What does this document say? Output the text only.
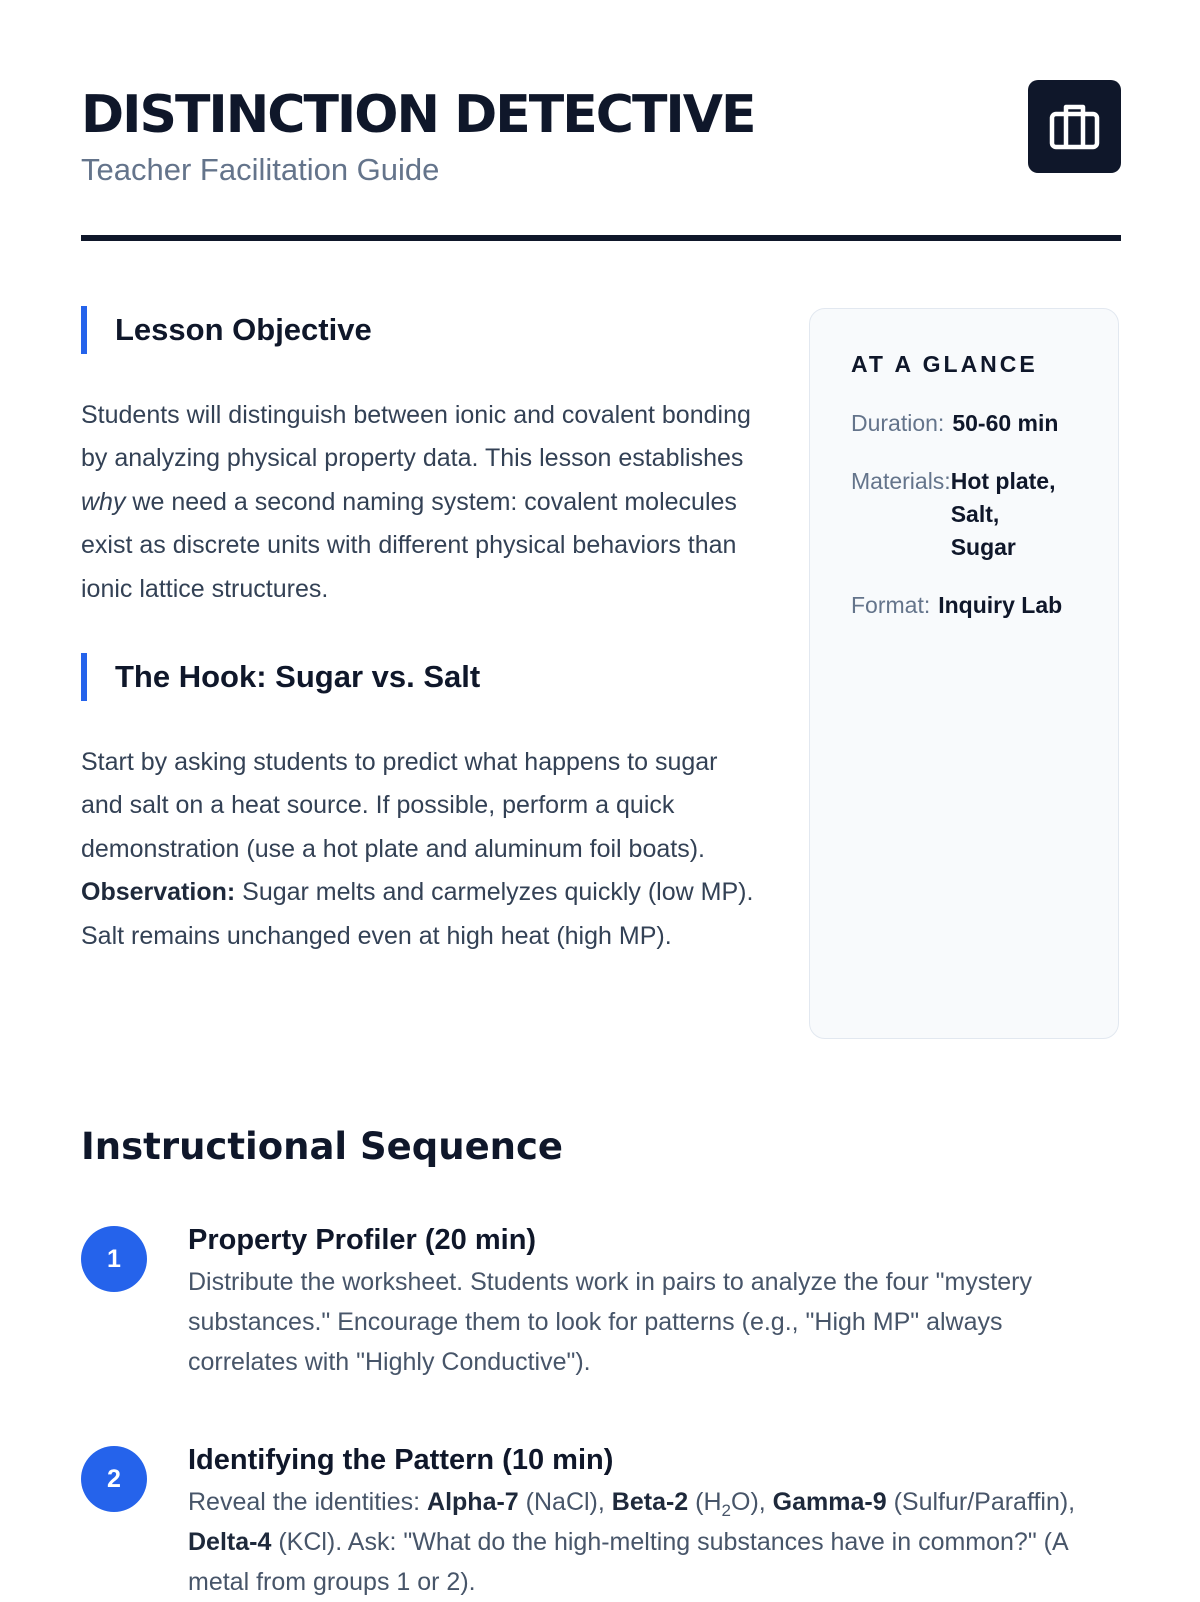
DISTINCTION DETECTIVE

Teacher Facilitation Guide

Lesson Objective

Students will distinguish between ionic and covalent bonding by analyzing physical property data. This lesson establishes why we need a second naming system: covalent molecules exist as discrete units with different physical behaviors than ionic lattice structures.

The Hook: Sugar vs. Salt

Start by asking students to predict what happens to sugar and salt on a heat source. If possible, perform a quick demonstration (use a hot plate and aluminum foil boats). Observation: Sugar melts and carmelyzes quickly (low MP). Salt remains unchanged even at high heat (high MP).

AT A GLANCE
Duration: 50-60 min
Materials: Hot plate, Salt, Sugar
Format: Inquiry Lab
Instructional Sequence
1
Property Profiler (20 min)

Distribute the worksheet. Students work in pairs to analyze the four "mystery substances." Encourage them to look for patterns (e.g., "High MP" always correlates with "Highly Conductive").

2
Identifying the Pattern (10 min)

Reveal the identities: Alpha-7 (NaCl), Beta-2 $(H_2O)$, Gamma-9 (Sulfur/Paraffin), Delta-4 (KCl). Ask: "What do the high-melting substances have in common?" (A metal from groups 1 or 2).
